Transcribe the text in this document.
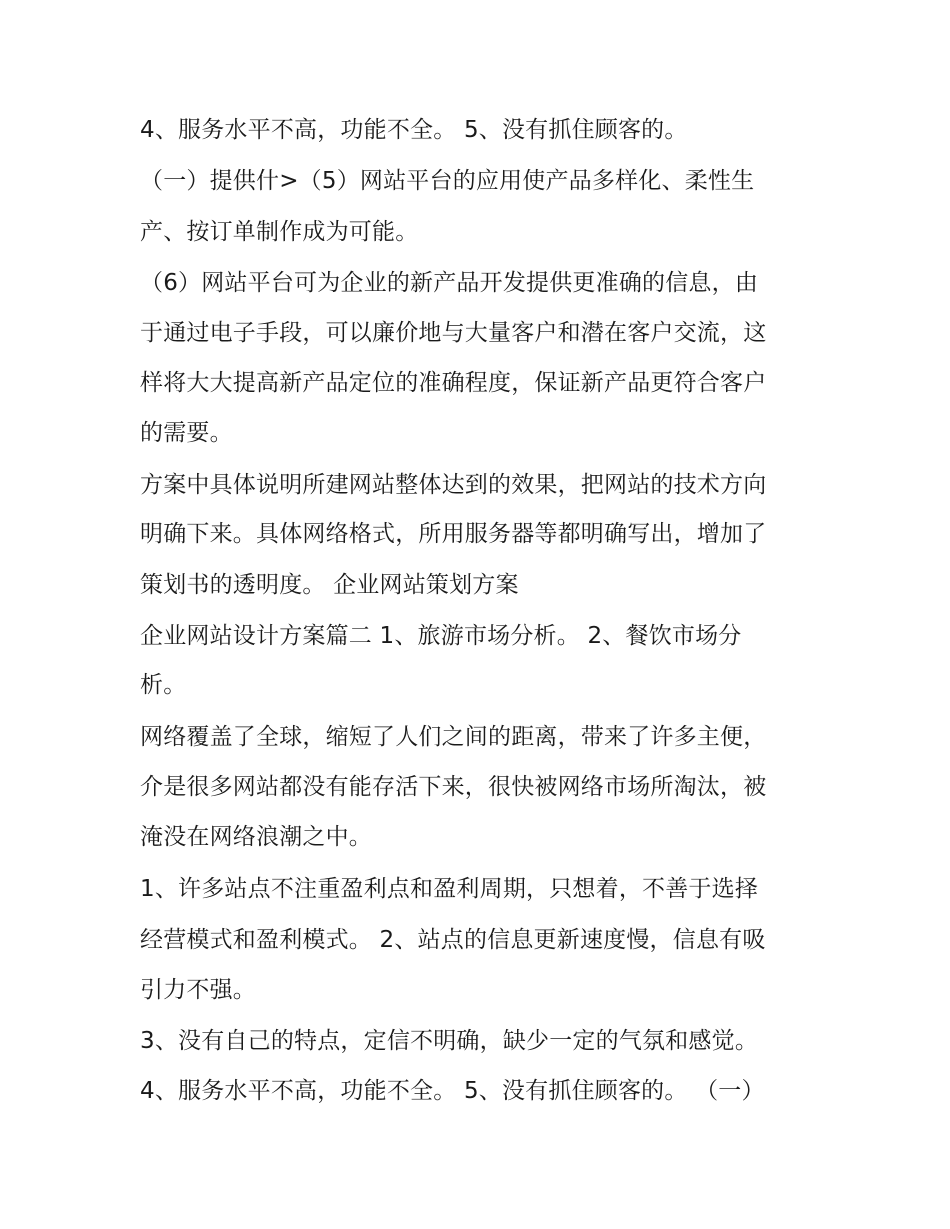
4、服务水平不高，功能不全。 5、没有抓住顾客的。
（一）提供什>（5）网站平台的应用使产品多样化、柔性生
产、按订单制作成为可能。
（6）网站平台可为企业的新产品开发提供更准确的信息，由
于通过电子手段，可以廉价地与大量客户和潜在客户交流，这
样将大大提高新产品定位的准确程度，保证新产品更符合客户
的需要。
方案中具体说明所建网站整体达到的效果，把网站的技术方向
明确下来。具体网络格式，所用服务器等都明确写出，增加了
策划书的透明度。 企业网站策划方案
企业网站设计方案篇二 1、旅游市场分析。 2、餐饮市场分
析。
网络覆盖了全球，缩短了人们之间的距离，带来了许多主便，
介是很多网站都没有能存活下来，很快被网络市场所淘汰，被
淹没在网络浪潮之中。
1、许多站点不注重盈利点和盈利周期，只想着，不善于选择
经营模式和盈利模式。 2、站点的信息更新速度慢，信息有吸
引力不强。
3、没有自己的特点，定信不明确，缺少一定的气氛和感觉。
4、服务水平不高，功能不全。 5、没有抓住顾客的。 （一）
